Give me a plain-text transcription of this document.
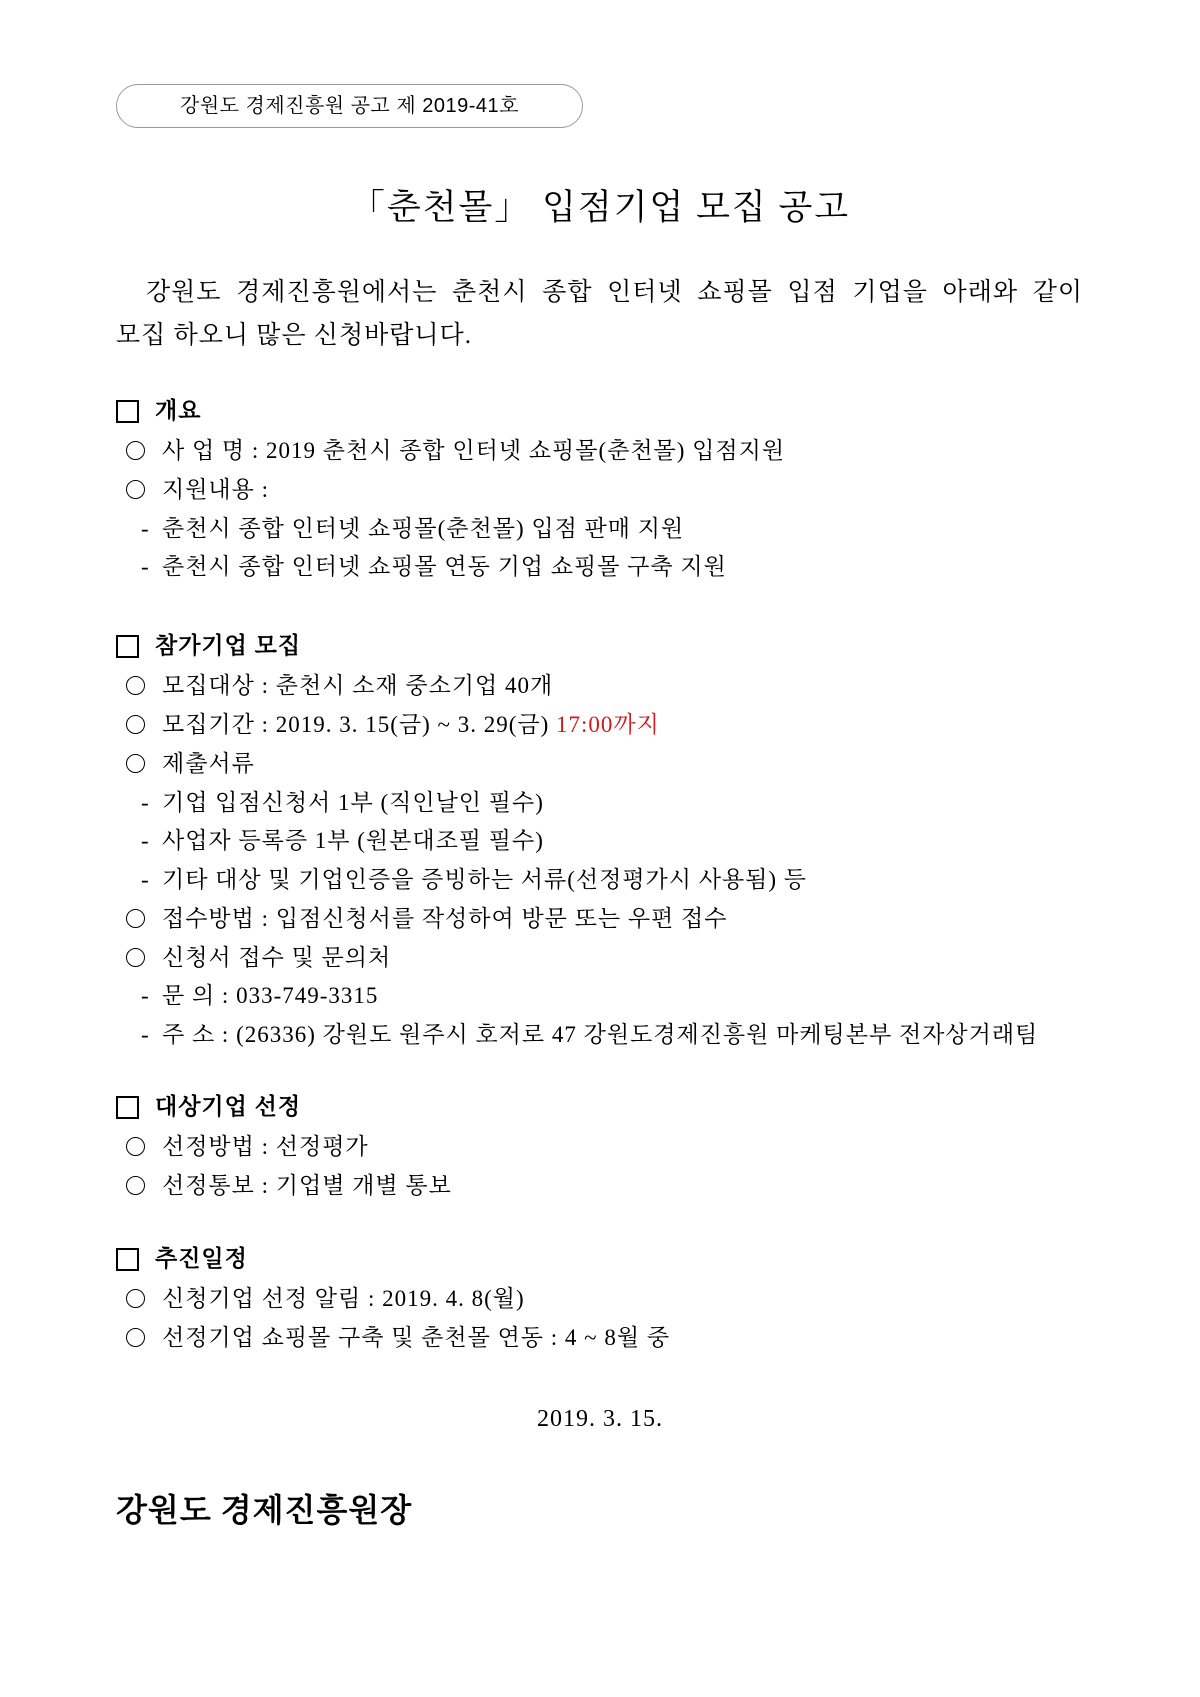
강원도 경제진흥원 공고 제 2019-41호
「춘천몰」 입점기업 모집 공고
강원도 경제진흥원에서는 춘천시 종합 인터넷 쇼핑몰 입점 기업을 아래와 같이
모집 하오니 많은 신청바랍니다.
개요
사 업 명 : 2019 춘천시 종합 인터넷 쇼핑몰(춘천몰) 입점지원
지원내용 :
- 춘천시 종합 인터넷 쇼핑몰(춘천몰) 입점 판매 지원
- 춘천시 종합 인터넷 쇼핑몰 연동 기업 쇼핑몰 구축 지원
참가기업 모집
모집대상 : 춘천시 소재 중소기업 40개
모집기간 : 2019. 3. 15(금) ~ 3. 29(금) 17:00까지
제출서류
- 기업 입점신청서 1부 (직인날인 필수)
- 사업자 등록증 1부 (원본대조필 필수)
- 기타 대상 및 기업인증을 증빙하는 서류(선정평가시 사용됨) 등
접수방법 : 입점신청서를 작성하여 방문 또는 우편 접수
신청서 접수 및 문의처
- 문 의 : 033-749-3315
- 주 소 : (26336) 강원도 원주시 호저로 47 강원도경제진흥원 마케팅본부 전자상거래팀
대상기업 선정
선정방법 : 선정평가
선정통보 : 기업별 개별 통보
추진일정
신청기업 선정 알림 : 2019. 4. 8(월)
선정기업 쇼핑몰 구축 및 춘천몰 연동 : 4 ~ 8월 중
2019. 3. 15.
강원도 경제진흥원장
